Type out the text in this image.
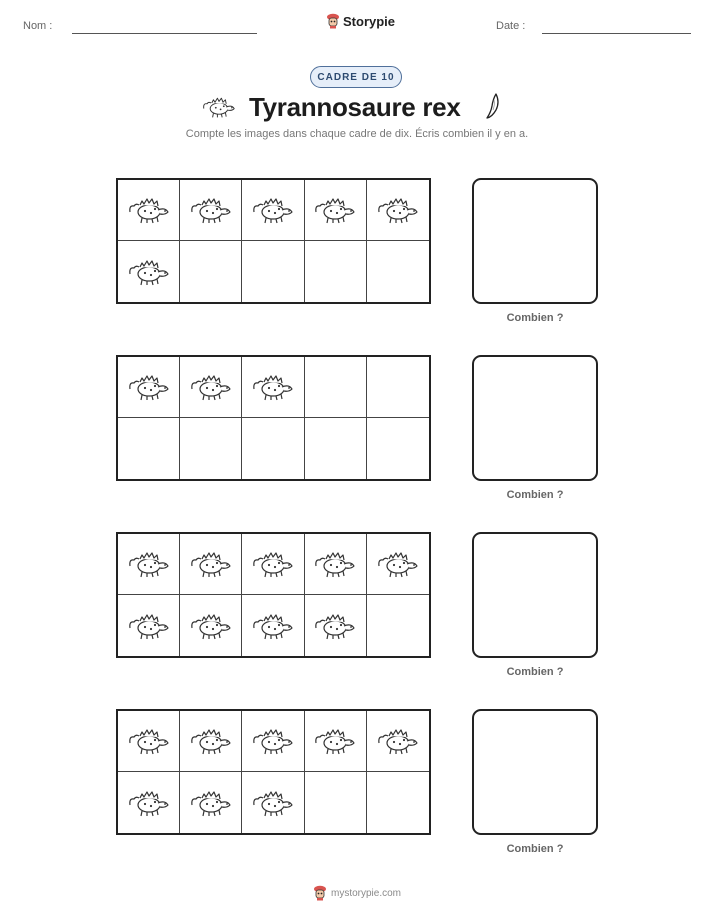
Nom :	Storypie	Date :
CADRE DE 10
Tyrannosaure rex
Compte les images dans chaque cadre de dix. Écris combien il y en a.
Combien ?
Combien ?
Combien ?
Combien ?
mystorypie.com
